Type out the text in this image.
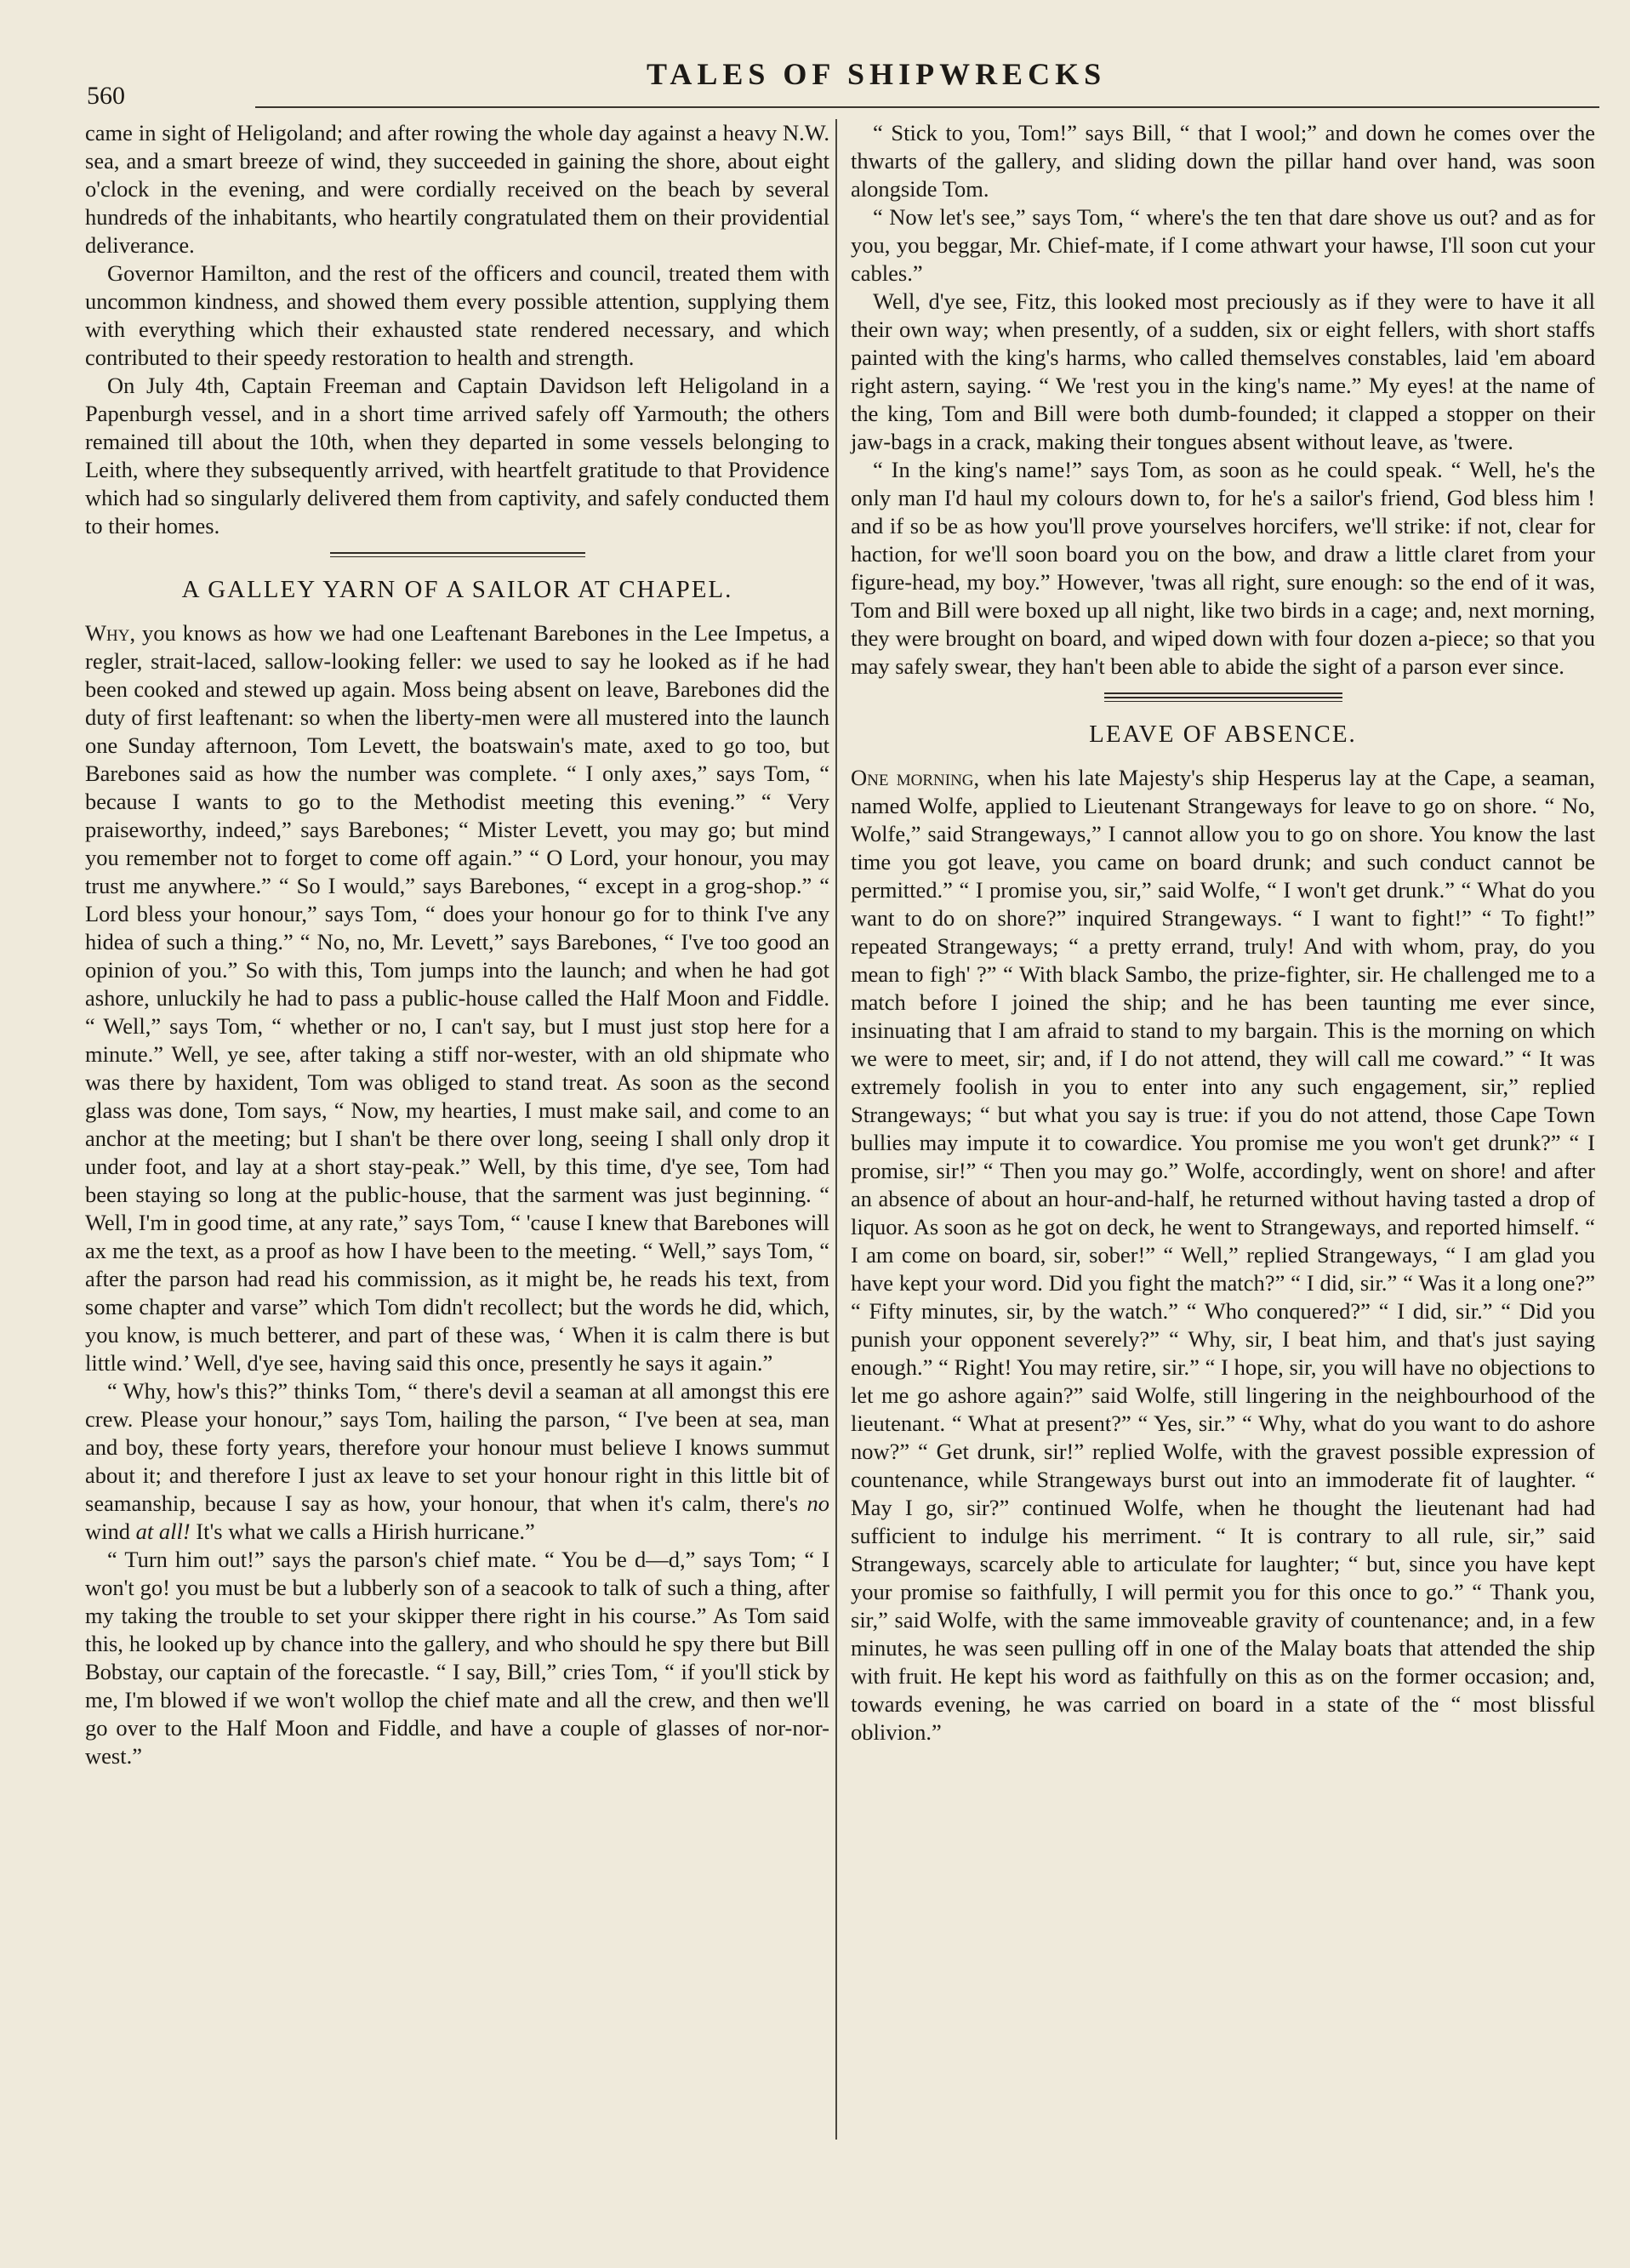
560
TALES OF SHIPWRECKS

came in sight of Heligoland; and after rowing the whole day against a heavy N.W. sea, and a smart breeze of wind, they succeeded in gaining the shore, about eight o'clock in the evening, and were cordially received on the beach by several hundreds of the inhabitants, who heartily congratulated them on their providential deliverance.

Governor Hamilton, and the rest of the officers and council, treated them with uncommon kindness, and showed them every possible attention, supplying them with everything which their exhausted state rendered necessary, and which contributed to their speedy restoration to health and strength.

On July 4th, Captain Freeman and Captain Davidson left Heligoland in a Papenburgh vessel, and in a short time arrived safely off Yarmouth; the others remained till about the 10th, when they departed in some vessels belonging to Leith, where they subsequently arrived, with heartfelt gratitude to that Providence which had so singularly delivered them from captivity, and safely conducted them to their homes.

A GALLEY YARN OF A SAILOR AT CHAPEL.

Why, you knows as how we had one Leaftenant Barebones in the Lee Impetus, a regler, strait-laced, sallow-looking feller: we used to say he looked as if he had been cooked and stewed up again. Moss being absent on leave, Barebones did the duty of first leaftenant: so when the liberty-men were all mustered into the launch one Sunday afternoon, Tom Levett, the boatswain's mate, axed to go too, but Barebones said as how the number was complete. “ I only axes,” says Tom, “ because I wants to go to the Methodist meeting this evening.” “ Very praiseworthy, indeed,” says Barebones; “ Mister Levett, you may go; but mind you remember not to forget to come off again.” “ O Lord, your honour, you may trust me anywhere.” “ So I would,” says Barebones, “ except in a grog-shop.” “ Lord bless your honour,” says Tom, “ does your honour go for to think I've any hidea of such a thing.” “ No, no, Mr. Levett,” says Barebones, “ I've too good an opinion of you.” So with this, Tom jumps into the launch; and when he had got ashore, unluckily he had to pass a public-house called the Half Moon and Fiddle. “ Well,” says Tom, “ whether or no, I can't say, but I must just stop here for a minute.” Well, ye see, after taking a stiff nor-wester, with an old shipmate who was there by haxident, Tom was obliged to stand treat. As soon as the second glass was done, Tom says, “ Now, my hearties, I must make sail, and come to an anchor at the meeting; but I shan't be there over long, seeing I shall only drop it under foot, and lay at a short stay-peak.” Well, by this time, d'ye see, Tom had been staying so long at the public-house, that the sarment was just beginning. “ Well, I'm in good time, at any rate,” says Tom, “ 'cause I knew that Barebones will ax me the text, as a proof as how I have been to the meeting. “ Well,” says Tom, “ after the parson had read his commission, as it might be, he reads his text, from some chapter and varse” which Tom didn't recollect; but the words he did, which, you know, is much betterer, and part of these was, ‘ When it is calm there is but little wind.’ Well, d'ye see, having said this once, presently he says it again.”

“ Why, how's this?” thinks Tom, “ there's devil a seaman at all amongst this ere crew. Please your honour,” says Tom, hailing the parson, “ I've been at sea, man and boy, these forty years, therefore your honour must believe I knows summut about it; and therefore I just ax leave to set your honour right in this little bit of seamanship, because I say as how, your honour, that when it's calm, there's no wind at all! It's what we calls a Hirish hurricane.”

“ Turn him out!” says the parson's chief mate. “ You be d—d,” says Tom; “ I won't go! you must be but a lubberly son of a seacook to talk of such a thing, after my taking the trouble to set your skipper there right in his course.” As Tom said this, he looked up by chance into the gallery, and who should he spy there but Bill Bobstay, our captain of the forecastle. “ I say, Bill,” cries Tom, “ if you'll stick by me, I'm blowed if we won't wollop the chief mate and all the crew, and then we'll go over to the Half Moon and Fiddle, and have a couple of glasses of nor-nor-west.”

“ Stick to you, Tom!” says Bill, “ that I wool;” and down he comes over the thwarts of the gallery, and sliding down the pillar hand over hand, was soon alongside Tom.

“ Now let's see,” says Tom, “ where's the ten that dare shove us out? and as for you, you beggar, Mr. Chief-mate, if I come athwart your hawse, I'll soon cut your cables.”

Well, d'ye see, Fitz, this looked most preciously as if they were to have it all their own way; when presently, of a sudden, six or eight fellers, with short staffs painted with the king's harms, who called themselves constables, laid 'em aboard right astern, saying. “ We 'rest you in the king's name.” My eyes! at the name of the king, Tom and Bill were both dumb-founded; it clapped a stopper on their jaw-bags in a crack, making their tongues absent without leave, as 'twere.

“ In the king's name!” says Tom, as soon as he could speak. “ Well, he's the only man I'd haul my colours down to, for he's a sailor's friend, God bless him ! and if so be as how you'll prove yourselves horcifers, we'll strike: if not, clear for haction, for we'll soon board you on the bow, and draw a little claret from your figure-head, my boy.” However, 'twas all right, sure enough: so the end of it was, Tom and Bill were boxed up all night, like two birds in a cage; and, next morning, they were brought on board, and wiped down with four dozen a-piece; so that you may safely swear, they han't been able to abide the sight of a parson ever since.

LEAVE OF ABSENCE.

One morning, when his late Majesty's ship Hesperus lay at the Cape, a seaman, named Wolfe, applied to Lieutenant Strangeways for leave to go on shore. “ No, Wolfe,” said Strangeways,” I cannot allow you to go on shore. You know the last time you got leave, you came on board drunk; and such conduct cannot be permitted.” “ I promise you, sir,” said Wolfe, “ I won't get drunk.” “ What do you want to do on shore?” inquired Strangeways. “ I want to fight!” “ To fight!” repeated Strangeways; “ a pretty errand, truly! And with whom, pray, do you mean to figh' ?” “ With black Sambo, the prize-fighter, sir. He challenged me to a match before I joined the ship; and he has been taunting me ever since, insinuating that I am afraid to stand to my bargain. This is the morning on which we were to meet, sir; and, if I do not attend, they will call me coward.” “ It was extremely foolish in you to enter into any such engagement, sir,” replied Strangeways; “ but what you say is true: if you do not attend, those Cape Town bullies may impute it to cowardice. You promise me you won't get drunk?” “ I promise, sir!” “ Then you may go.” Wolfe, accordingly, went on shore! and after an absence of about an hour-and-half, he returned without having tasted a drop of liquor. As soon as he got on deck, he went to Strangeways, and reported himself. “ I am come on board, sir, sober!” “ Well,” replied Strangeways, “ I am glad you have kept your word. Did you fight the match?” “ I did, sir.” “ Was it a long one?” “ Fifty minutes, sir, by the watch.” “ Who conquered?” “ I did, sir.” “ Did you punish your opponent severely?” “ Why, sir, I beat him, and that's just saying enough.” “ Right! You may retire, sir.” “ I hope, sir, you will have no objections to let me go ashore again?” said Wolfe, still lingering in the neighbourhood of the lieutenant. “ What at present?” “ Yes, sir.” “ Why, what do you want to do ashore now?” “ Get drunk, sir!” replied Wolfe, with the gravest possible expression of countenance, while Strangeways burst out into an immoderate fit of laughter. “ May I go, sir?” continued Wolfe, when he thought the lieutenant had had sufficient to indulge his merriment. “ It is contrary to all rule, sir,” said Strangeways, scarcely able to articulate for laughter; “ but, since you have kept your promise so faithfully, I will permit you for this once to go.” “ Thank you, sir,” said Wolfe, with the same immoveable gravity of countenance; and, in a few minutes, he was seen pulling off in one of the Malay boats that attended the ship with fruit. He kept his word as faithfully on this as on the former occasion; and, towards evening, he was carried on board in a state of the “ most blissful oblivion.”
